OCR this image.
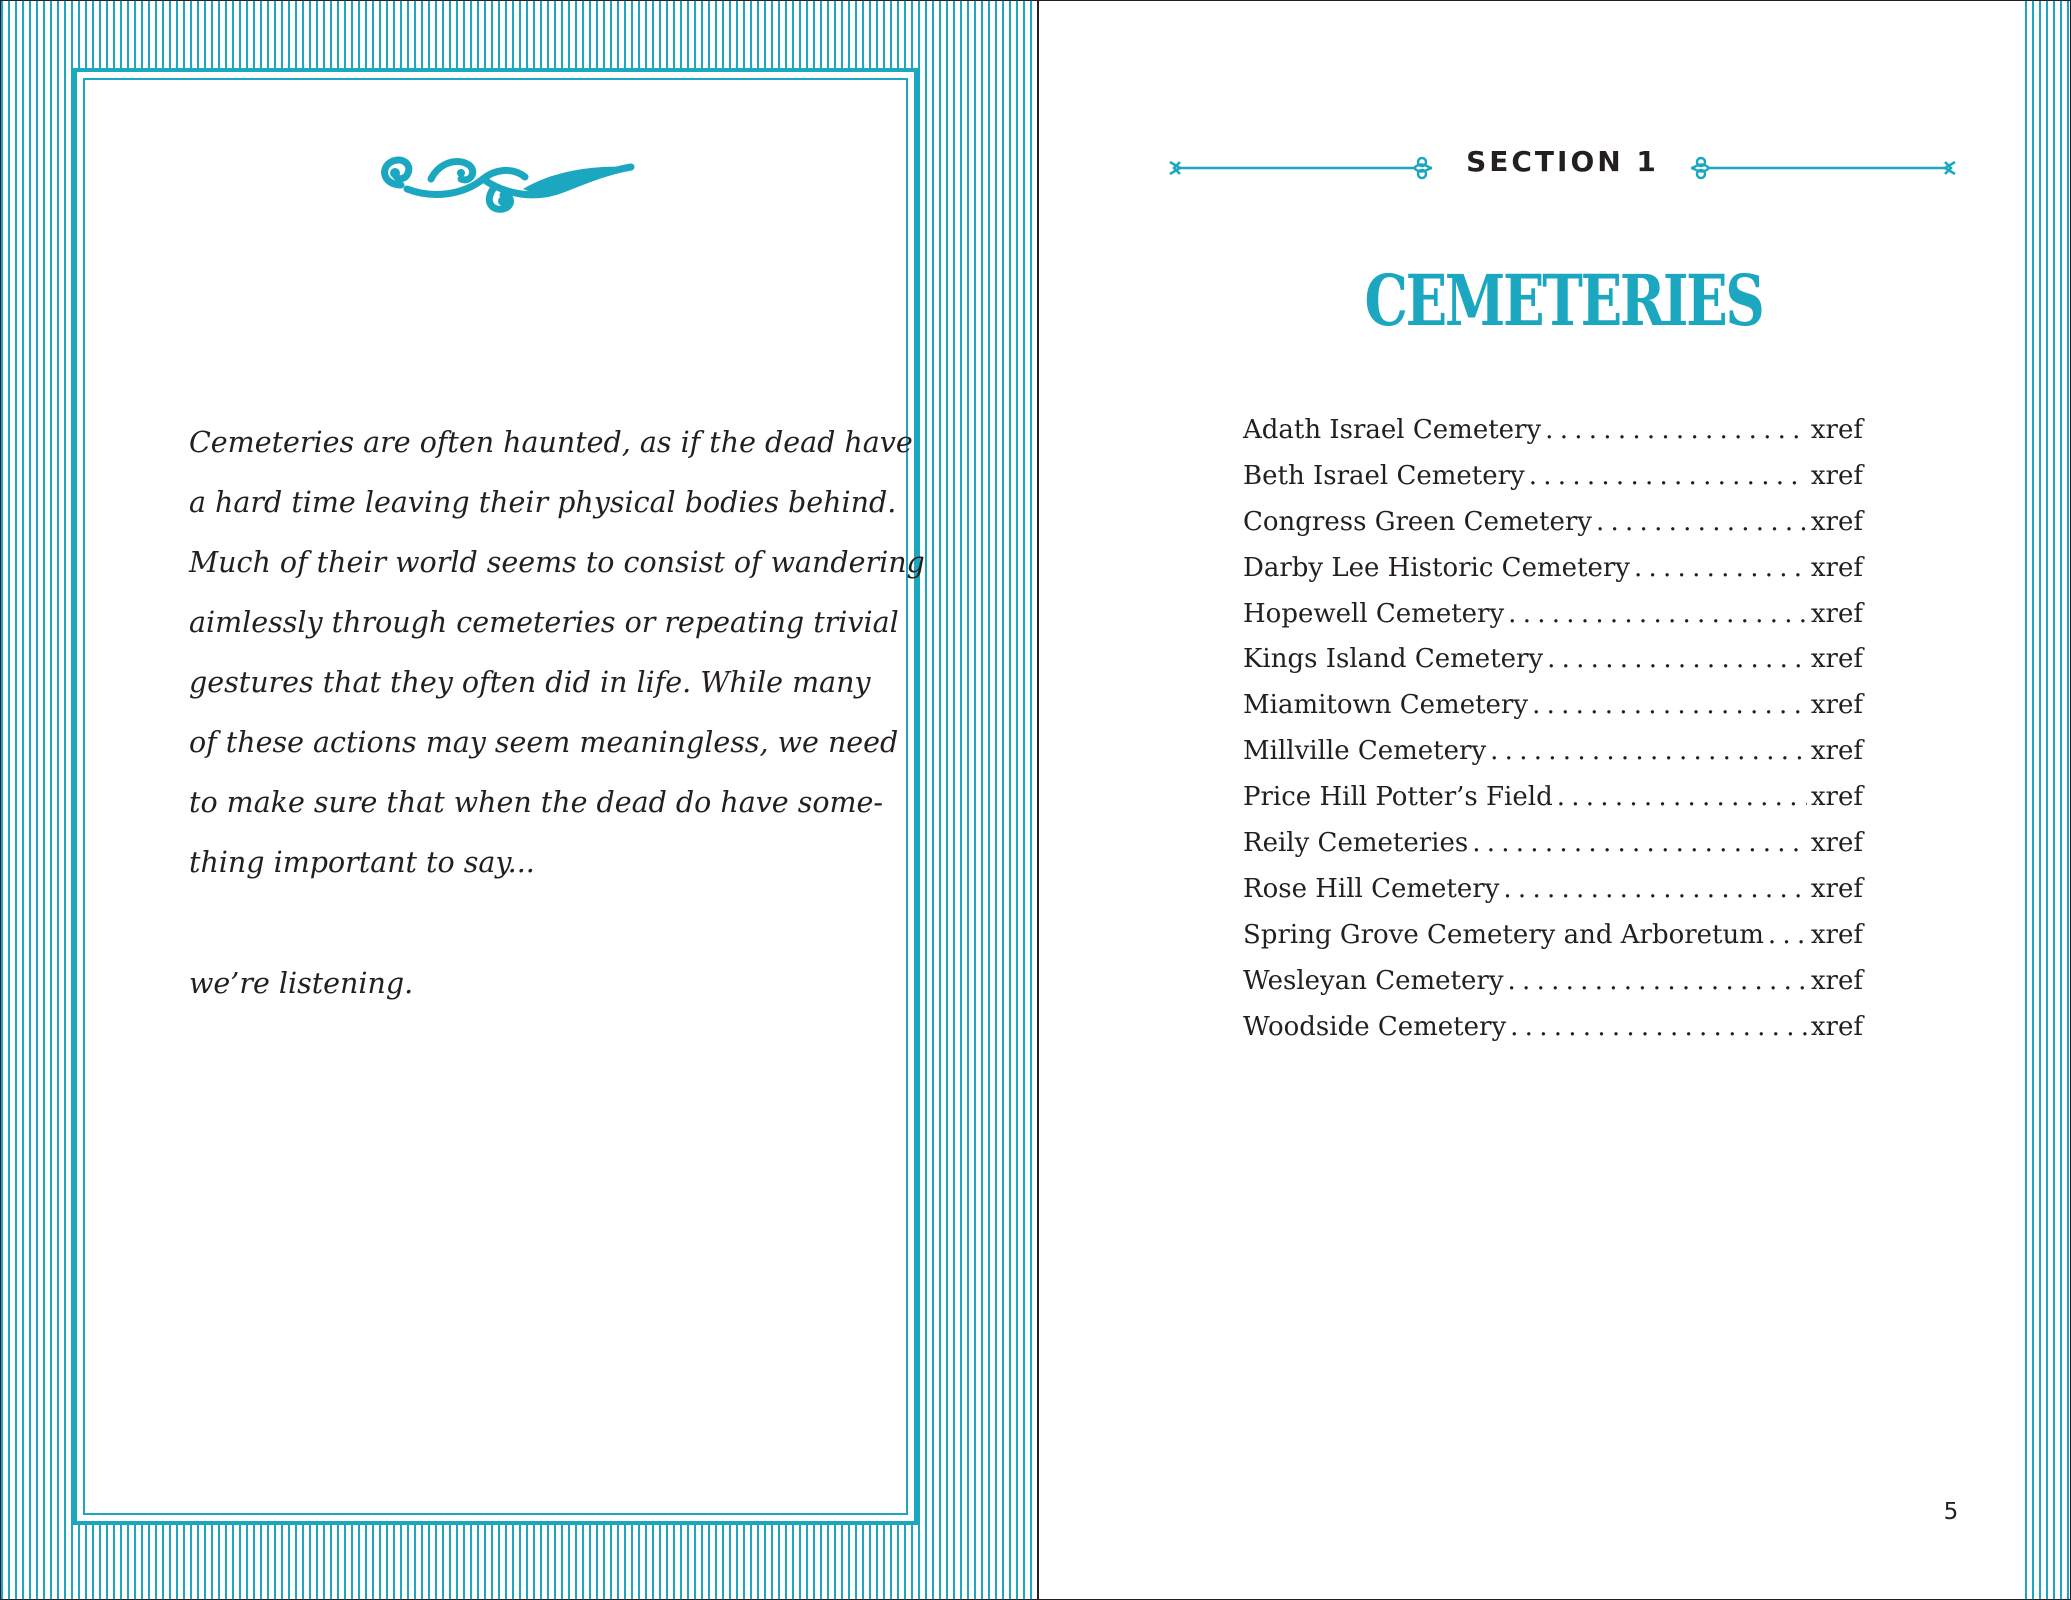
Cemeteries are often haunted, as if the dead have
a hard time leaving their physical bodies behind.
Much of their world seems to consist of wandering
aimlessly through cemeteries or repeating trivial
gestures that they often did in life. While many
of these actions may seem meaningless, we need
to make sure that when the dead do have some-
thing important to say...
we’re listening.
SECTION 1
CEMETERIES
Adath Israel Cemetery . . .	xref
Beth Israel Cemetery . . .	xref
Congress Green Cemetery . . .	xref
Darby Lee Historic Cemetery . . .	xref
Hopewell Cemetery . . .	xref
Kings Island Cemetery . . .	xref
Miamitown Cemetery . . .	xref
Millville Cemetery . . .	xref
Price Hill Potter’s Field . . .	xref
Reily Cemeteries . . .	xref
Rose Hill Cemetery . . .	xref
Spring Grove Cemetery and Arboretum . . . xref
Wesleyan Cemetery . . .	xref
Woodside Cemetery . . .	xref
5
